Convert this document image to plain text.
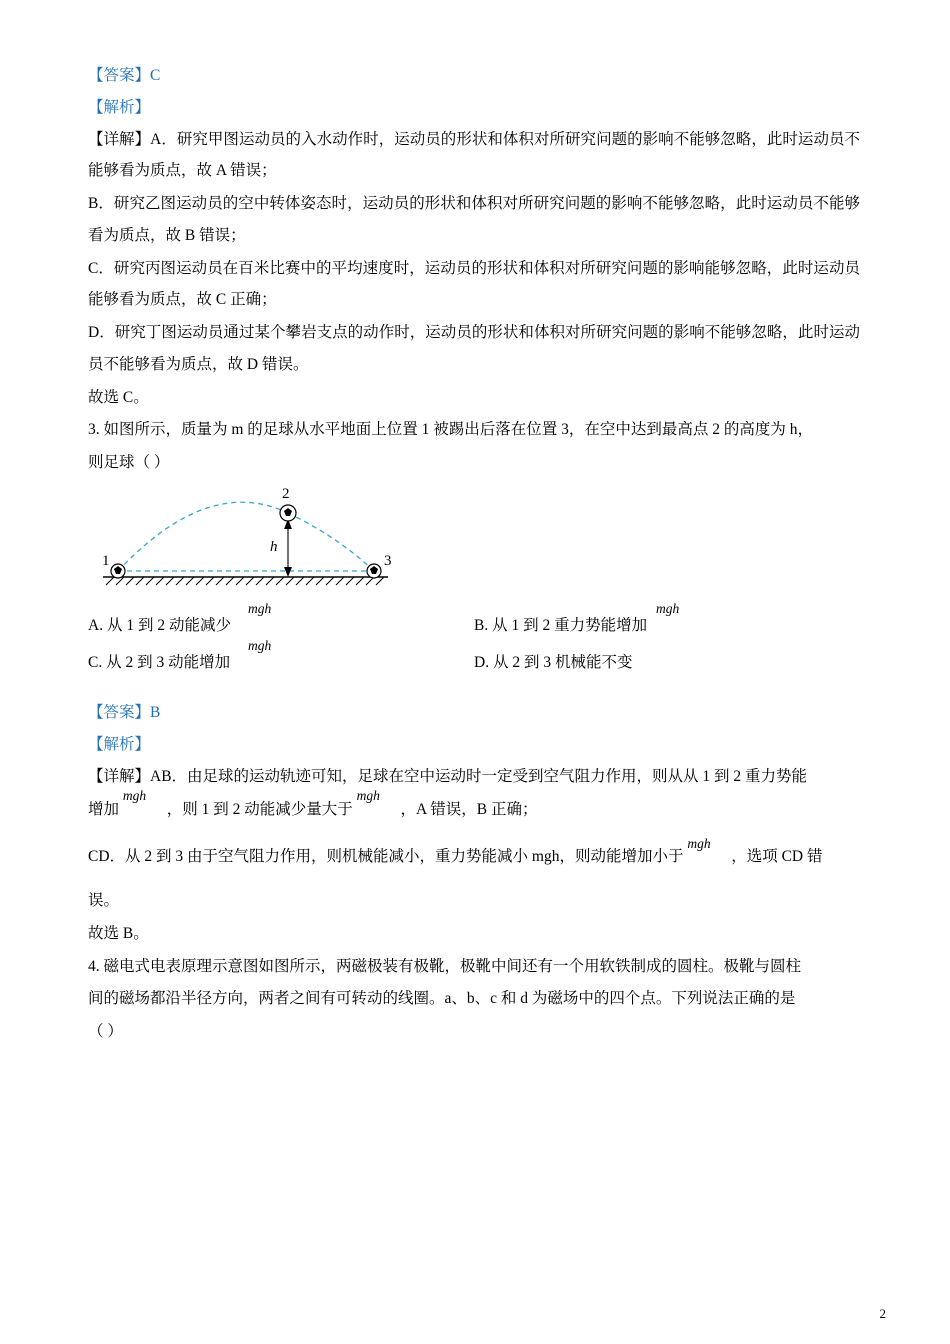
【答案】C

【解析】

【详解】A．研究甲图运动员的入水动作时，运动员的形状和体积对所研究问题的影响不能够忽略，此时运动员不能够看为质点，故 A 错误；

B．研究乙图运动员的空中转体姿态时，运动员的形状和体积对所研究问题的影响不能够忽略，此时运动员不能够看为质点，故 B 错误；

C．研究丙图运动员在百米比赛中的平均速度时，运动员的形状和体积对所研究问题的影响能够忽略，此时运动员能够看为质点，故 C 正确；

D．研究丁图运动员通过某个攀岩支点的动作时，运动员的形状和体积对所研究问题的影响不能够忽略，此时运动员不能够看为质点，故 D 错误。

故选 C。

3. 如图所示，质量为 m 的足球从水平地面上位置 1 被踢出后落在位置 3，在空中达到最高点 2 的高度为 h，

则足球（ ）

1
2
3
h
A. 从 1 到 2 动能减少
mgh
B. 从 1 到 2 重力势能增加
mgh
C. 从 2 到 3 动能增加
mgh
D. 从 2 到 3 机械能不变

【答案】B

【解析】

【详解】AB．由足球的运动轨迹可知，足球在空中运动时一定受到空气阻力作用，则从从 1 到 2 重力势能

增加
mgh
，则 1 到 2 动能减少量大于
mgh
，A 错误，B 正确；

CD．从 2 到 3 由于空气阻力作用，则机械能减小，重力势能减小 mgh，则动能增加小于
mgh
，选项 CD 错

误。

故选 B。

4. 磁电式电表原理示意图如图所示，两磁极装有极靴，极靴中间还有一个用软铁制成的圆柱。极靴与圆柱

间的磁场都沿半径方向，两者之间有可转动的线圈。a、b、c 和 d 为磁场中的四个点。下列说法正确的是

（ ）

2
